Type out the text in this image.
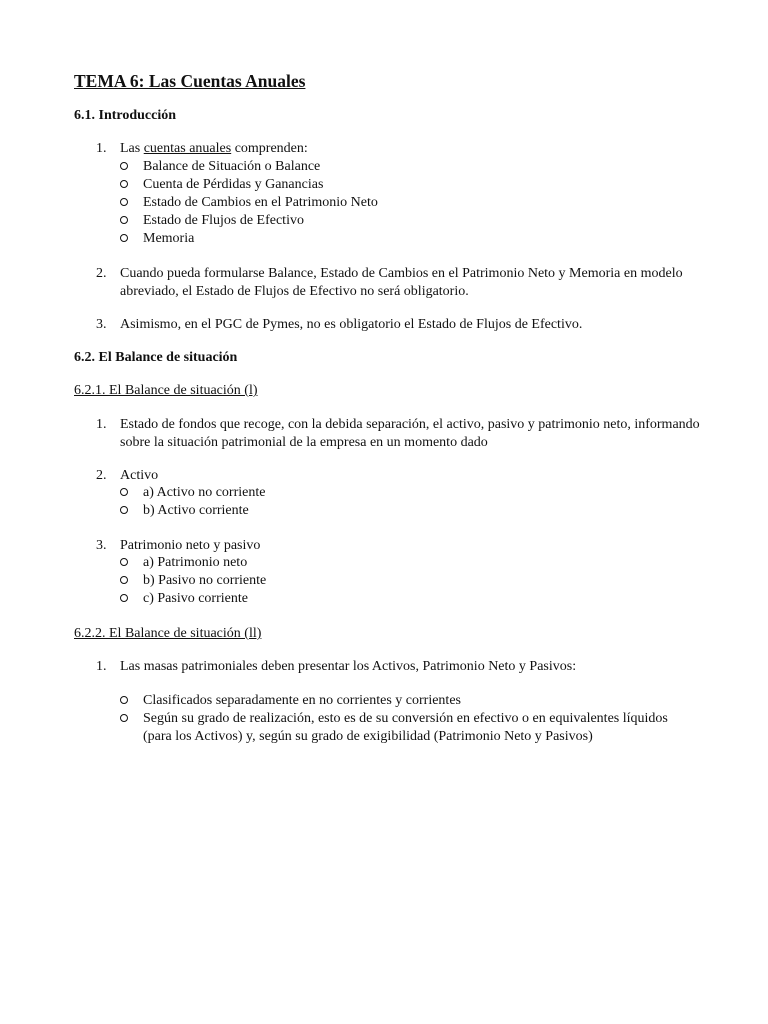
TEMA 6: Las Cuentas Anuales
6.1. Introducción
1. Las cuentas anuales comprenden:
Balance de Situación o Balance
Cuenta de Pérdidas y Ganancias
Estado de Cambios en el Patrimonio Neto
Estado de Flujos de Efectivo
Memoria
2. Cuando pueda formularse Balance, Estado de Cambios en el Patrimonio Neto y Memoria en modelo abreviado, el Estado de Flujos de Efectivo no será obligatorio.
3. Asimismo, en el PGC de Pymes, no es obligatorio el Estado de Flujos de Efectivo.
6.2. El Balance de situación
6.2.1. El Balance de situación (l)
1. Estado de fondos que recoge, con la debida separación, el activo, pasivo y patrimonio neto, informando sobre la situación patrimonial de la empresa en un momento dado
2. Activo
a) Activo no corriente
b) Activo corriente
3. Patrimonio neto y pasivo
a) Patrimonio neto
b) Pasivo no corriente
c) Pasivo corriente
6.2.2. El Balance de situación (ll)
1. Las masas patrimoniales deben presentar los Activos, Patrimonio Neto y Pasivos:
Clasificados separadamente en no corrientes y corrientes
Según su grado de realización, esto es de su conversión en efectivo o en equivalentes líquidos (para los Activos) y, según su grado de exigibilidad (Patrimonio Neto y Pasivos)
